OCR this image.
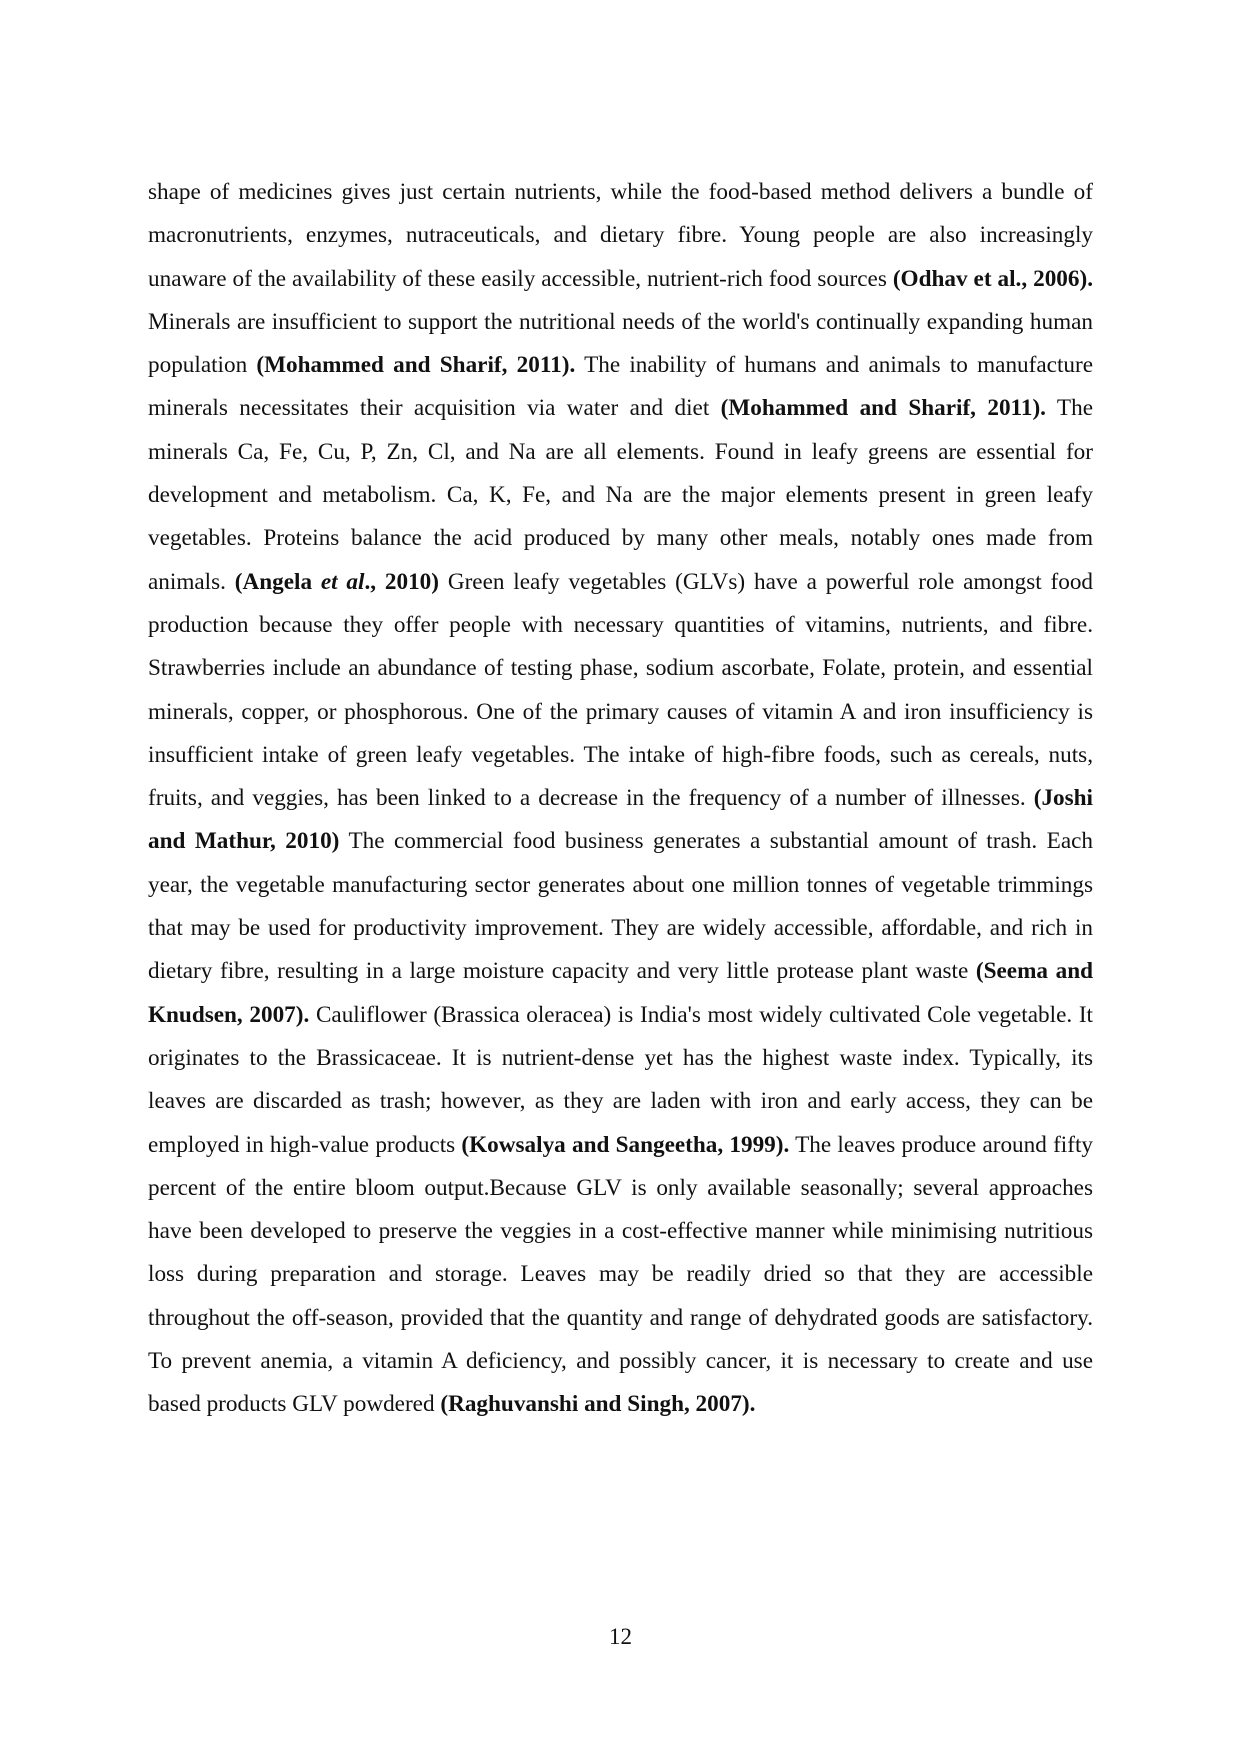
shape of medicines gives just certain nutrients, while the food-based method delivers a bundle of macronutrients, enzymes, nutraceuticals, and dietary fibre. Young people are also increasingly unaware of the availability of these easily accessible, nutrient-rich food sources (Odhav et al., 2006). Minerals are insufficient to support the nutritional needs of the world's continually expanding human population (Mohammed and Sharif, 2011). The inability of humans and animals to manufacture minerals necessitates their acquisition via water and diet (Mohammed and Sharif, 2011). The minerals Ca, Fe, Cu, P, Zn, Cl, and Na are all elements. Found in leafy greens are essential for development and metabolism. Ca, K, Fe, and Na are the major elements present in green leafy vegetables. Proteins balance the acid produced by many other meals, notably ones made from animals. (Angela et al., 2010) Green leafy vegetables (GLVs) have a powerful role amongst food production because they offer people with necessary quantities of vitamins, nutrients, and fibre. Strawberries include an abundance of testing phase, sodium ascorbate, Folate, protein, and essential minerals, copper, or phosphorous. One of the primary causes of vitamin A and iron insufficiency is insufficient intake of green leafy vegetables. The intake of high-fibre foods, such as cereals, nuts, fruits, and veggies, has been linked to a decrease in the frequency of a number of illnesses. (Joshi and Mathur, 2010) The commercial food business generates a substantial amount of trash. Each year, the vegetable manufacturing sector generates about one million tonnes of vegetable trimmings that may be used for productivity improvement. They are widely accessible, affordable, and rich in dietary fibre, resulting in a large moisture capacity and very little protease plant waste (Seema and Knudsen, 2007). Cauliflower (Brassica oleracea) is India's most widely cultivated Cole vegetable. It originates to the Brassicaceae. It is nutrient-dense yet has the highest waste index. Typically, its leaves are discarded as trash; however, as they are laden with iron and early access, they can be employed in high-value products (Kowsalya and Sangeetha, 1999). The leaves produce around fifty percent of the entire bloom output.Because GLV is only available seasonally; several approaches have been developed to preserve the veggies in a cost-effective manner while minimising nutritious loss during preparation and storage. Leaves may be readily dried so that they are accessible throughout the off-season, provided that the quantity and range of dehydrated goods are satisfactory. To prevent anemia, a vitamin A deficiency, and possibly cancer, it is necessary to create and use based products GLV powdered (Raghuvanshi and Singh, 2007).

12
